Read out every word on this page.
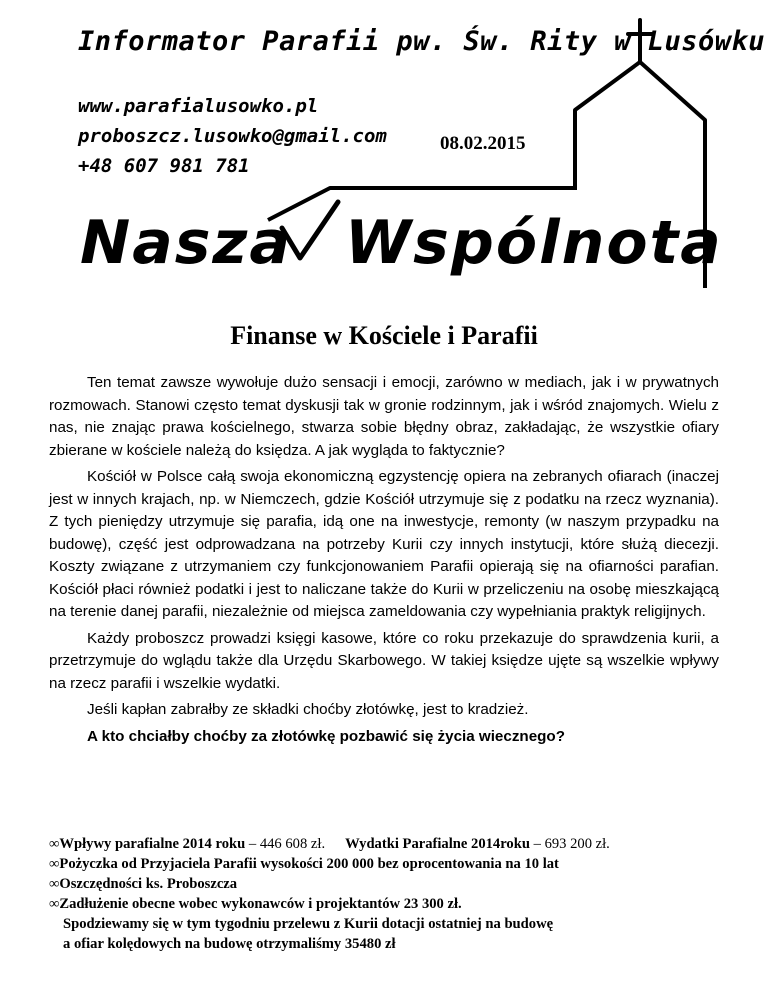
Informator Parafii pw. Św. Rity w Lusówku
www.parafialusowko.pl
proboszcz.lusowko@gmail.com
+48 607 981 781
08.02.2015
Nasza Wspólnota
Finanse w Kościele i Parafii

Ten temat zawsze wywołuje dużo sensacji i emocji, zarówno w mediach, jak i w prywatnych rozmowach. Stanowi często temat dyskusji tak w gronie rodzinnym, jak i wśród znajomych. Wielu z nas, nie znając prawa kościelnego, stwarza sobie błędny obraz, zakładając, że wszystkie ofiary zbierane w kościele należą do księdza. A jak wygląda to faktycznie?

Kościół w Polsce całą swoja ekonomiczną egzystencję opiera na zebranych ofiarach (inaczej jest w innych krajach, np. w Niemczech, gdzie Kościół utrzymuje się z podatku na rzecz wyznania). Z tych pieniędzy utrzymuje się parafia, idą one na inwestycje, remonty (w naszym przypadku na budowę), część jest odprowadzana na potrzeby Kurii czy innych instytucji, które służą diecezji. Koszty związane z utrzymaniem czy funkcjonowaniem Parafii opierają się na ofiarności parafian. Kościół płaci również podatki i jest to naliczane także do Kurii w przeliczeniu na osobę mieszkającą na terenie danej parafii, niezależnie od miejsca zameldowania czy wypełniania praktyk religijnych.

Każdy proboszcz prowadzi księgi kasowe, które co roku przekazuje do sprawdzenia kurii, a przetrzymuje do wglądu także dla Urzędu Skarbowego. W takiej księdze ujęte są wszelkie wpływy na rzecz parafii i wszelkie wydatki.

Jeśli kapłan zabrałby ze składki choćby złotówkę, jest to kradzież.

A kto chciałby choćby za złotówkę pozbawić się życia wiecznego?

∞Wpływy parafialne 2014 roku – 446 608 zł. Wydatki Parafialne 2014roku – 693 200 zł.
∞Pożyczka od Przyjaciela Parafii wysokości 200 000 bez oprocentowania na 10 lat
∞Oszczędności ks. Proboszcza
∞Zadłużenie obecne wobec wykonawców i projektantów 23 300 zł.
Spodziewamy się w tym tygodniu przelewu z Kurii dotacji ostatniej na budowę
a ofiar kolędowych na budowę otrzymaliśmy 35480 zł
